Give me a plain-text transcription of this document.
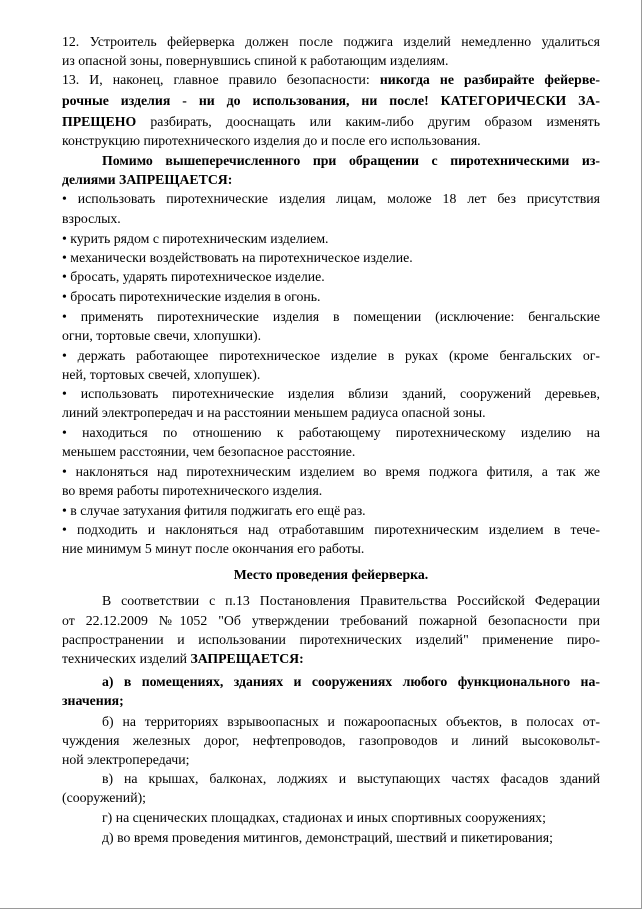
12. Устроитель фейерверка должен после поджига изделий немедленно удалиться
из опасной зоны, повернувшись спиной к работающим изделиям.
13. И, наконец, главное правило безопасности: никогда не разбирайте фейерве-
рочные изделия - ни до использования, ни после! КАТЕГОРИЧЕСКИ ЗА-
ПРЕЩЕНО разбирать, дооснащать или каким-либо другим образом изменять
конструкцию пиротехнического изделия до и после его использования.
Помимо вышеперечисленного при обращении с пиротехническими из-
делиями ЗАПРЕЩАЕТСЯ:
• использовать пиротехнические изделия лицам, моложе 18 лет без присутствия
взрослых.
• курить рядом с пиротехническим изделием.
• механически воздействовать на пиротехническое изделие.
• бросать, ударять пиротехническое изделие.
• бросать пиротехнические изделия в огонь.
• применять пиротехнические изделия в помещении (исключение: бенгальские
огни, тортовые свечи, хлопушки).
• держать работающее пиротехническое изделие в руках (кроме бенгальских ог-
ней, тортовых свечей, хлопушек).
• использовать пиротехнические изделия вблизи зданий, сооружений деревьев,
линий электропередач и на расстоянии меньшем радиуса опасной зоны.
• находиться по отношению к работающему пиротехническому изделию на
меньшем расстоянии, чем безопасное расстояние.
• наклоняться над пиротехническим изделием во время поджога фитиля, а так же
во время работы пиротехнического изделия.
• в случае затухания фитиля поджигать его ещё раз.
• подходить и наклоняться над отработавшим пиротехническим изделием в тече-
ние минимум 5 минут после окончания его работы.
Место проведения фейерверка.
В соответствии с п.13 Постановления Правительства Российской Федерации
от 22.12.2009 №1052 "Об утверждении требований пожарной безопасности при
распространении и использовании пиротехнических изделий" применение пиро-
технических изделий ЗАПРЕЩАЕТСЯ:
а) в помещениях, зданиях и сооружениях любого функционального на-
значения;
б) на территориях взрывоопасных и пожароопасных объектов, в полосах от-
чуждения железных дорог, нефтепроводов, газопроводов и линий высоковольт-
ной электропередачи;
в) на крышах, балконах, лоджиях и выступающих частях фасадов зданий
(сооружений);
г) на сценических площадках, стадионах и иных спортивных сооружениях;
д) во время проведения митингов, демонстраций, шествий и пикетирования;
